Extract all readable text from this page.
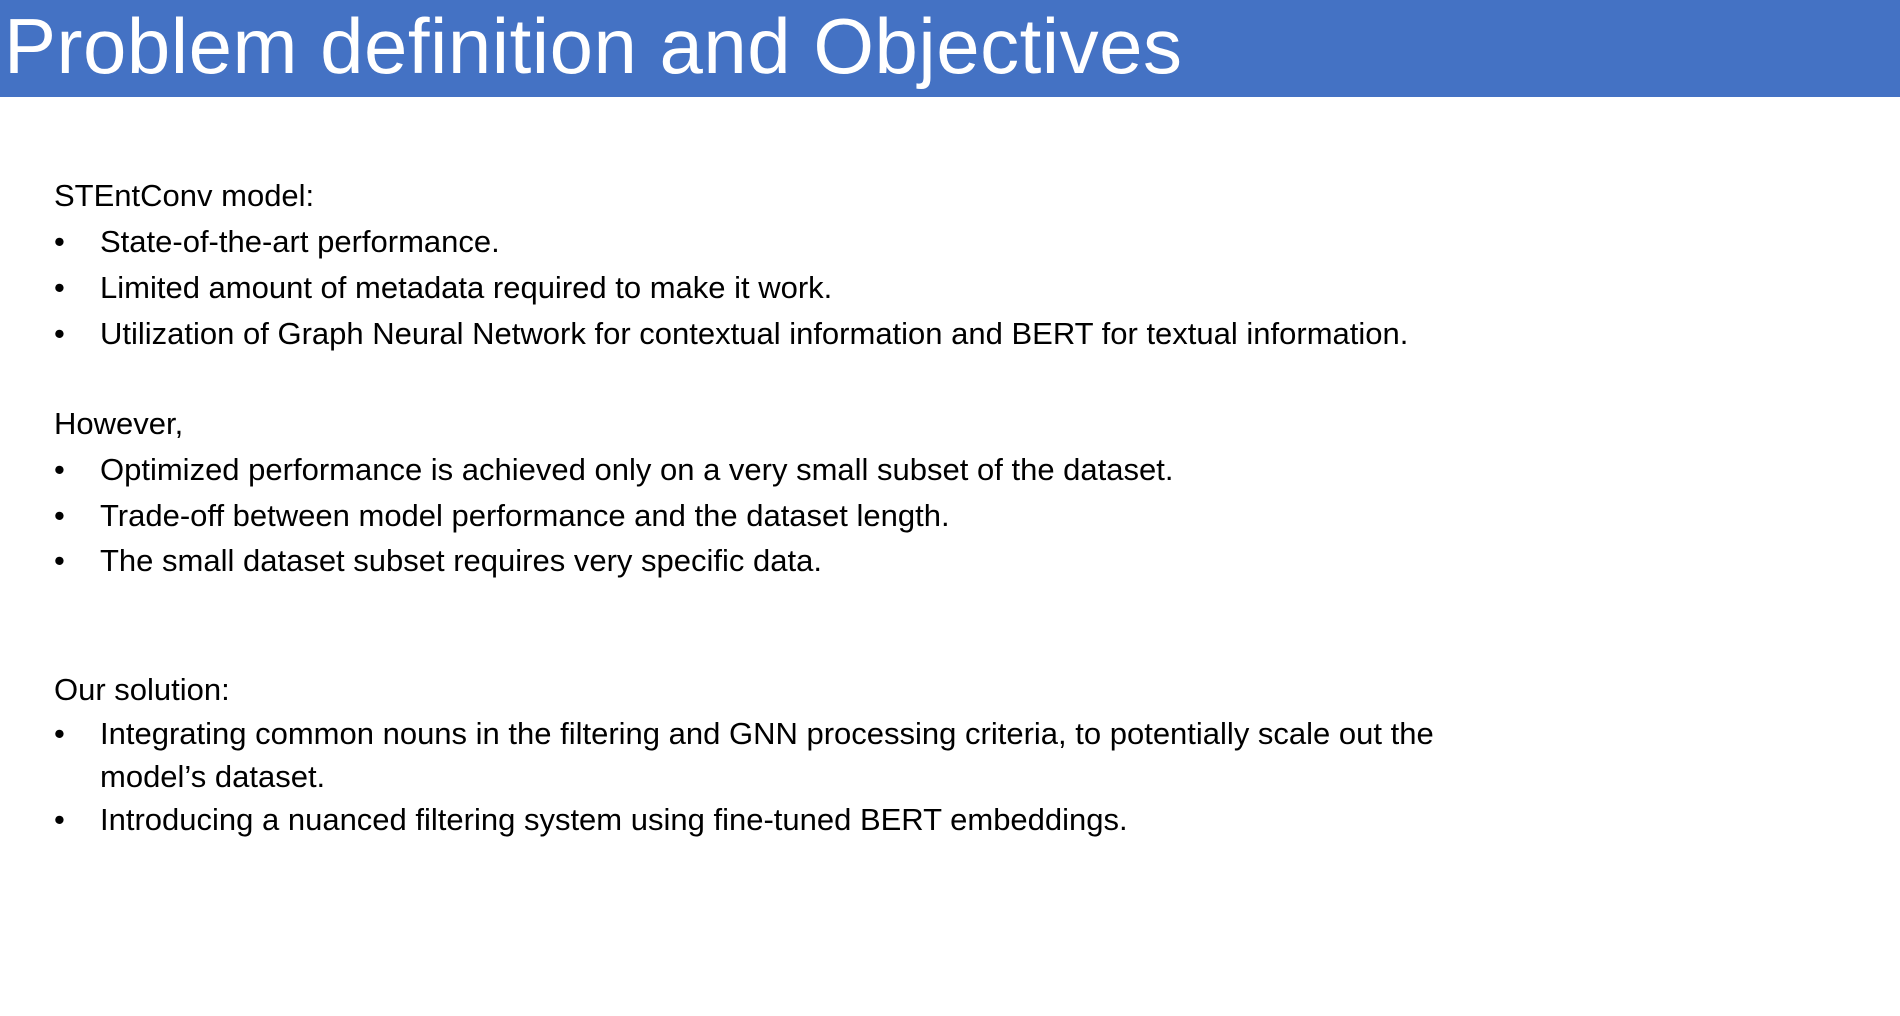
Problem definition and Objectives
STEntConv model:
•	State-of-the-art performance.
•	Limited amount of metadata required to make it work.
•	Utilization of Graph Neural Network for contextual information and BERT for textual information.
However,
•	Optimized performance is achieved only on a very small subset of the dataset.
•	Trade-off between model performance and the dataset length.
•	The small dataset subset requires very specific data.
Our solution:
•	Integrating common nouns in the filtering and GNN processing criteria, to potentially scale out the model’s dataset.
•	Introducing a nuanced filtering system using fine-tuned BERT embeddings.
